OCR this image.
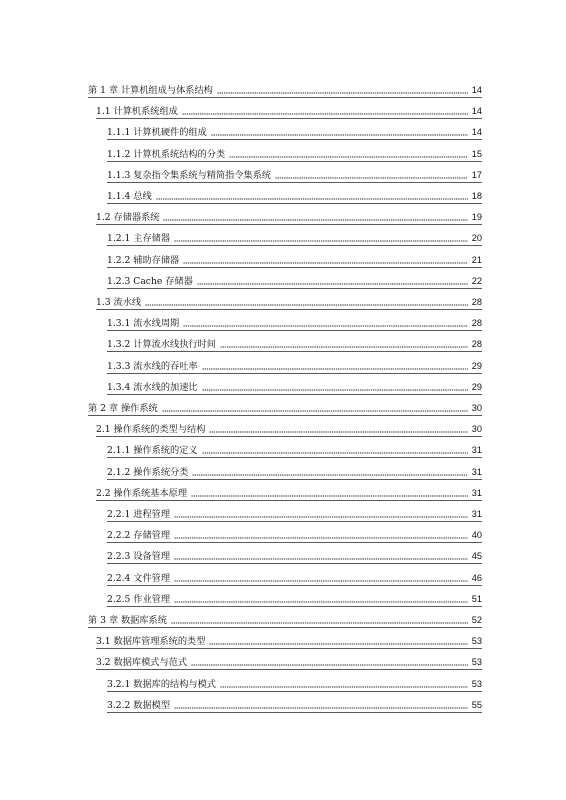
第 1 章 计算机组成与体系结构	14
1.1 计算机系统组成	14
1.1.1 计算机硬件的组成	14
1.1.2 计算机系统结构的分类	15
1.1.3 复杂指令集系统与精简指令集系统	17
1.1.4 总线	18
1.2 存储器系统	19
1.2.1 主存储器	20
1.2.2 辅助存储器	21
1.2.3 Cache 存储器	22
1.3 流水线	28
1.3.1 流水线周期	28
1.3.2 计算流水线执行时间	28
1.3.3 流水线的吞吐率	29
1.3.4 流水线的加速比	29
第 2 章 操作系统	30
2.1 操作系统的类型与结构	30
2.1.1 操作系统的定义	31
2.1.2 操作系统分类	31
2.2 操作系统基本原理	31
2.2.1 进程管理	31
2.2.2 存储管理	40
2.2.3 设备管理	45
2.2.4 文件管理	46
2.2.5 作业管理	51
第 3 章 数据库系统	52
3.1 数据库管理系统的类型	53
3.2 数据库模式与范式	53
3.2.1 数据库的结构与模式	53
3.2.2 数据模型	55
